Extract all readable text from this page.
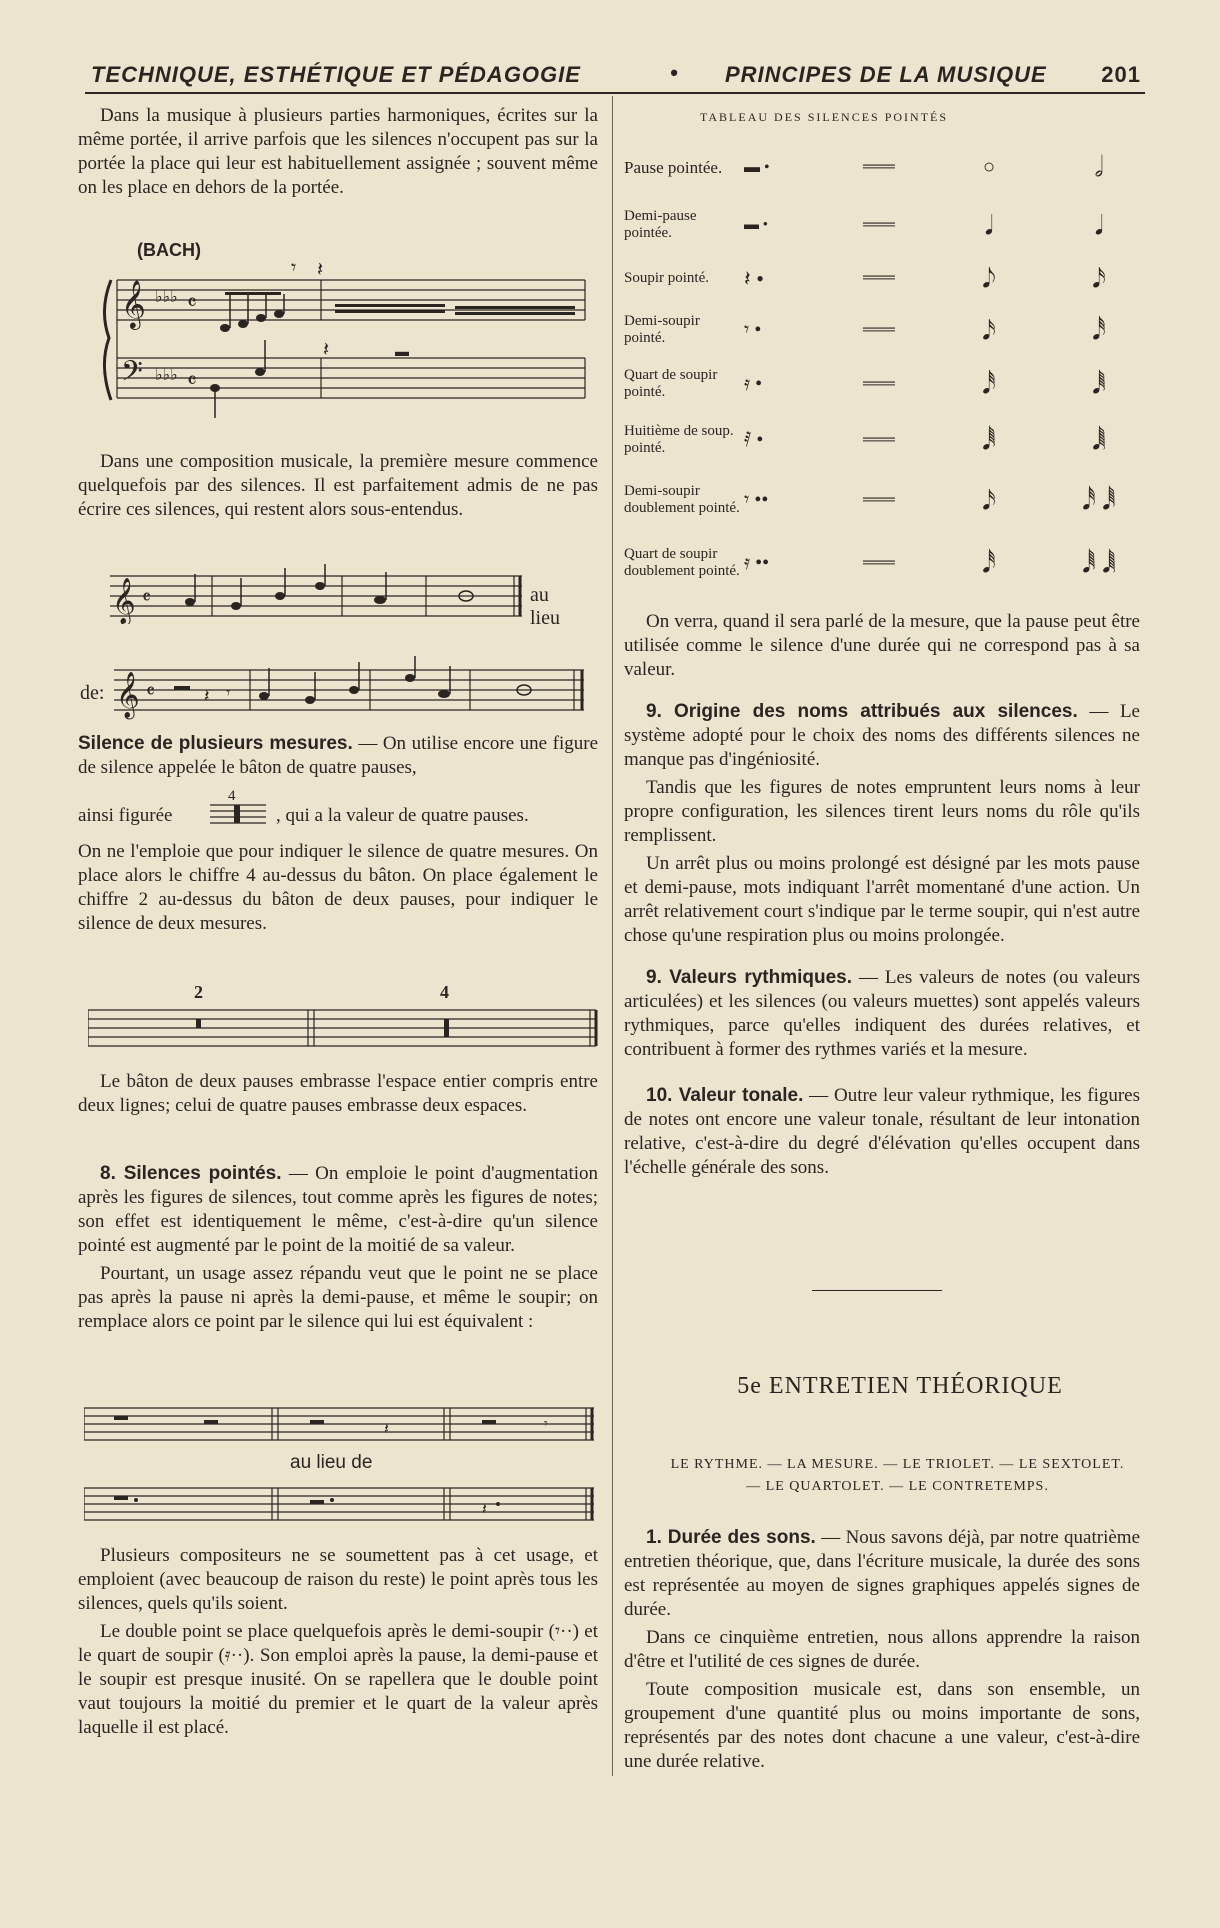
TECHNIQUE, ESTHÉTIQUE ET PÉDAGOGIE	• PRINCIPES DE LA MUSIQUE 201

Dans la musique à plusieurs parties harmoniques, écrites sur la même portée, il arrive parfois que les silences n'occupent pas sur la portée la place qui leur est habituellement assignée ; souvent même on les place en dehors de la portée.

(BACH)
𝄞
𝄢
♭♭♭
♭♭♭
𝄴
𝄴
𝄾 𝄽
𝄽	▬

Dans une composition musicale, la première mesure commence quelquefois par des silences. Il est parfaitement admis de ne pas écrire ces silences, qui restent alors sous-entendus.

𝄞 𝄴	au lieu
de: 𝄞 𝄴	𝄽 𝄾

Silence de plusieurs mesures. — On utilise encore une figure de silence appelée le bâton de quatre pauses,

ainsi figurée
4
, qui a la valeur de quatre pauses.

On ne l'emploie que pour indiquer le silence de quatre mesures. On place alors le chiffre 4 au-dessus du bâton. On place également le chiffre 2 au-dessus du bâton de deux pauses, pour indiquer le silence de deux mesures.

2	4

Le bâton de deux pauses embrasse l'espace entier compris entre deux lignes; celui de quatre pauses embrasse deux espaces.

8. Silences pointés. — On emploie le point d'augmentation après les figures de silences, tout comme après les figures de notes; son effet est identiquement le même, c'est-à-dire qu'un silence pointé est augmenté par le point de la moitié de sa valeur.

Pourtant, un usage assez répandu veut que le point ne se place pas après la pause ni après la demi-pause, et même le soupir; on remplace alors ce point par le silence qui lui est équivalent :

𝄽	𝄾
au lieu de
𝄽

Plusieurs compositeurs ne se soumettent pas à cet usage, et emploient (avec beaucoup de raison du reste) le point après tous les silences, quels qu'ils soient.

Le double point se place quelquefois après le demi-soupir (𝄾··) et le quart de soupir (𝄿··). Son emploi après la pause, la demi-pause et le soupir est presque inusité. On se rapellera que le double point vaut toujours la moitié du premier et le quart de la valeur après laquelle il est placé.

TABLEAU DES SILENCES POINTÉS
Pause pointée.	▬ •	═══	○	𝅗𝅥
Demi-pause pointée.	▬ •	═══	𝅘𝅥	𝅘𝅥
Soupir pointé.	𝄽 •	═══	𝅘𝅥𝅮	𝅘𝅥𝅯
Demi-soupir pointé.	𝄾 •	═══	𝅘𝅥𝅯	𝅘𝅥𝅰
Quart de soupir pointé.	𝄿 •	═══	𝅘𝅥𝅰	𝅘𝅥𝅱
Huitième de soup. pointé.	𝅀 •	═══	𝅘𝅥𝅱	𝅘𝅥𝅲
Demi-soupir doublement pointé.	𝄾 ••	═══	𝅘𝅥𝅯	𝅘𝅥𝅰 𝅘𝅥𝅱
Quart de soupir doublement pointé.	𝄿 ••	═══	𝅘𝅥𝅰	𝅘𝅥𝅱 𝅘𝅥𝅲

On verra, quand il sera parlé de la mesure, que la pause peut être utilisée comme le silence d'une durée qui ne correspond pas à sa valeur.

9. Origine des noms attribués aux silences. — Le système adopté pour le choix des noms des différents silences ne manque pas d'ingéniosité.

Tandis que les figures de notes empruntent leurs noms à leur propre configuration, les silences tirent leurs noms du rôle qu'ils remplissent.

Un arrêt plus ou moins prolongé est désigné par les mots pause et demi-pause, mots indiquant l'arrêt momentané d'une action. Un arrêt relativement court s'indique par le terme soupir, qui n'est autre chose qu'une respiration plus ou moins prolongée.

9. Valeurs rythmiques. — Les valeurs de notes (ou valeurs articulées) et les silences (ou valeurs muettes) sont appelés valeurs rythmiques, parce qu'elles indiquent des durées relatives, et contribuent à former des rythmes variés et la mesure.

10. Valeur tonale. — Outre leur valeur rythmique, les figures de notes ont encore une valeur tonale, résultant de leur intonation relative, c'est-à-dire du degré d'élévation qu'elles occupent dans l'échelle générale des sons.

5e ENTRETIEN THÉORIQUE
LE RYTHME. — LA MESURE. — LE TRIOLET. — LE SEXTOLET.
— LE QUARTOLET. — LE CONTRETEMPS.

1. Durée des sons. — Nous savons déjà, par notre quatrième entretien théorique, que, dans l'écriture musicale, la durée des sons est représentée au moyen de signes graphiques appelés signes de durée.

Dans ce cinquième entretien, nous allons apprendre la raison d'être et l'utilité de ces signes de durée.

Toute composition musicale est, dans son ensemble, un groupement d'une quantité plus ou moins importante de sons, représentés par des notes dont chacune a une valeur, c'est-à-dire une durée relative.
